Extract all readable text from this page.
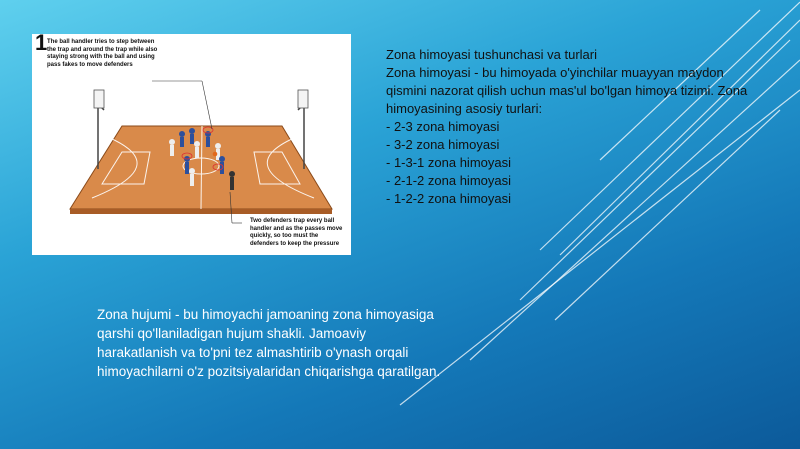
1 The ball handler tries to step between the trap and around the trap while also staying strong with the ball and using pass fakes to move defenders
Two defenders trap every ball handler and as the passes move quickly, so too must the defenders to keep the pressure
Zona himoyasi tushunchasi va turlari
Zona himoyasi - bu himoyada o'yinchilar muayyan maydon
qismini nazorat qilish uchun mas'ul bo'lgan himoya tizimi. Zona
himoyasining asosiy turlari:
- 2-3 zona himoyasi
- 3-2 zona himoyasi
- 1-3-1 zona himoyasi
- 2-1-2 zona himoyasi
- 1-2-2 zona himoyasi
Zona hujumi - bu himoyachi jamoaning zona himoyasiga
qarshi qo'llaniladigan hujum shakli. Jamoaviy
harakatlanish va to'pni tez almashtirib o'ynash orqali
himoyachilarni o'z pozitsiyalaridan chiqarishga qaratilgan.
